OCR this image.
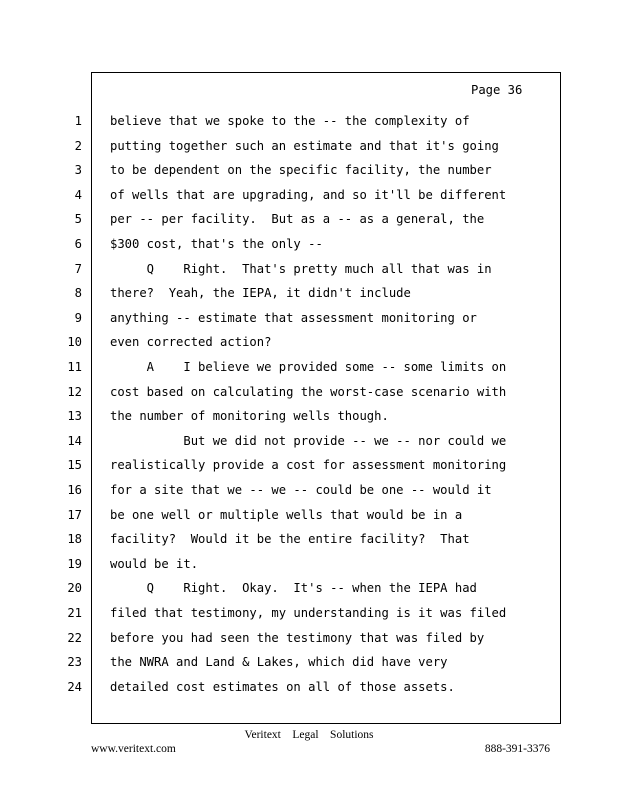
Page 36
1 believe that we spoke to the -- the complexity of
2 putting together such an estimate and that it's going
3 to be dependent on the specific facility, the number
4 of wells that are upgrading, and so it'll be different
5 per -- per facility.  But as a -- as a general, the
6 $300 cost, that's the only --
7 Q    Right.  That's pretty much all that was in
8 there?  Yeah, the IEPA, it didn't include
9 anything -- estimate that assessment monitoring or
10 even corrected action?
11 A    I believe we provided some -- some limits on
12 cost based on calculating the worst-case scenario with
13 the number of monitoring wells though.
14 But we did not provide -- we -- nor could we
15 realistically provide a cost for assessment monitoring
16 for a site that we -- we -- could be one -- would it
17 be one well or multiple wells that would be in a
18 facility?  Would it be the entire facility?  That
19 would be it.
20 Q    Right.  Okay.  It's -- when the IEPA had
21 filed that testimony, my understanding is it was filed
22 before you had seen the testimony that was filed by
23 the NWRA and Land & Lakes, which did have very
24 detailed cost estimates on all of those assets.
Veritext    Legal    Solutions
www.veritext.com	888-391-3376
